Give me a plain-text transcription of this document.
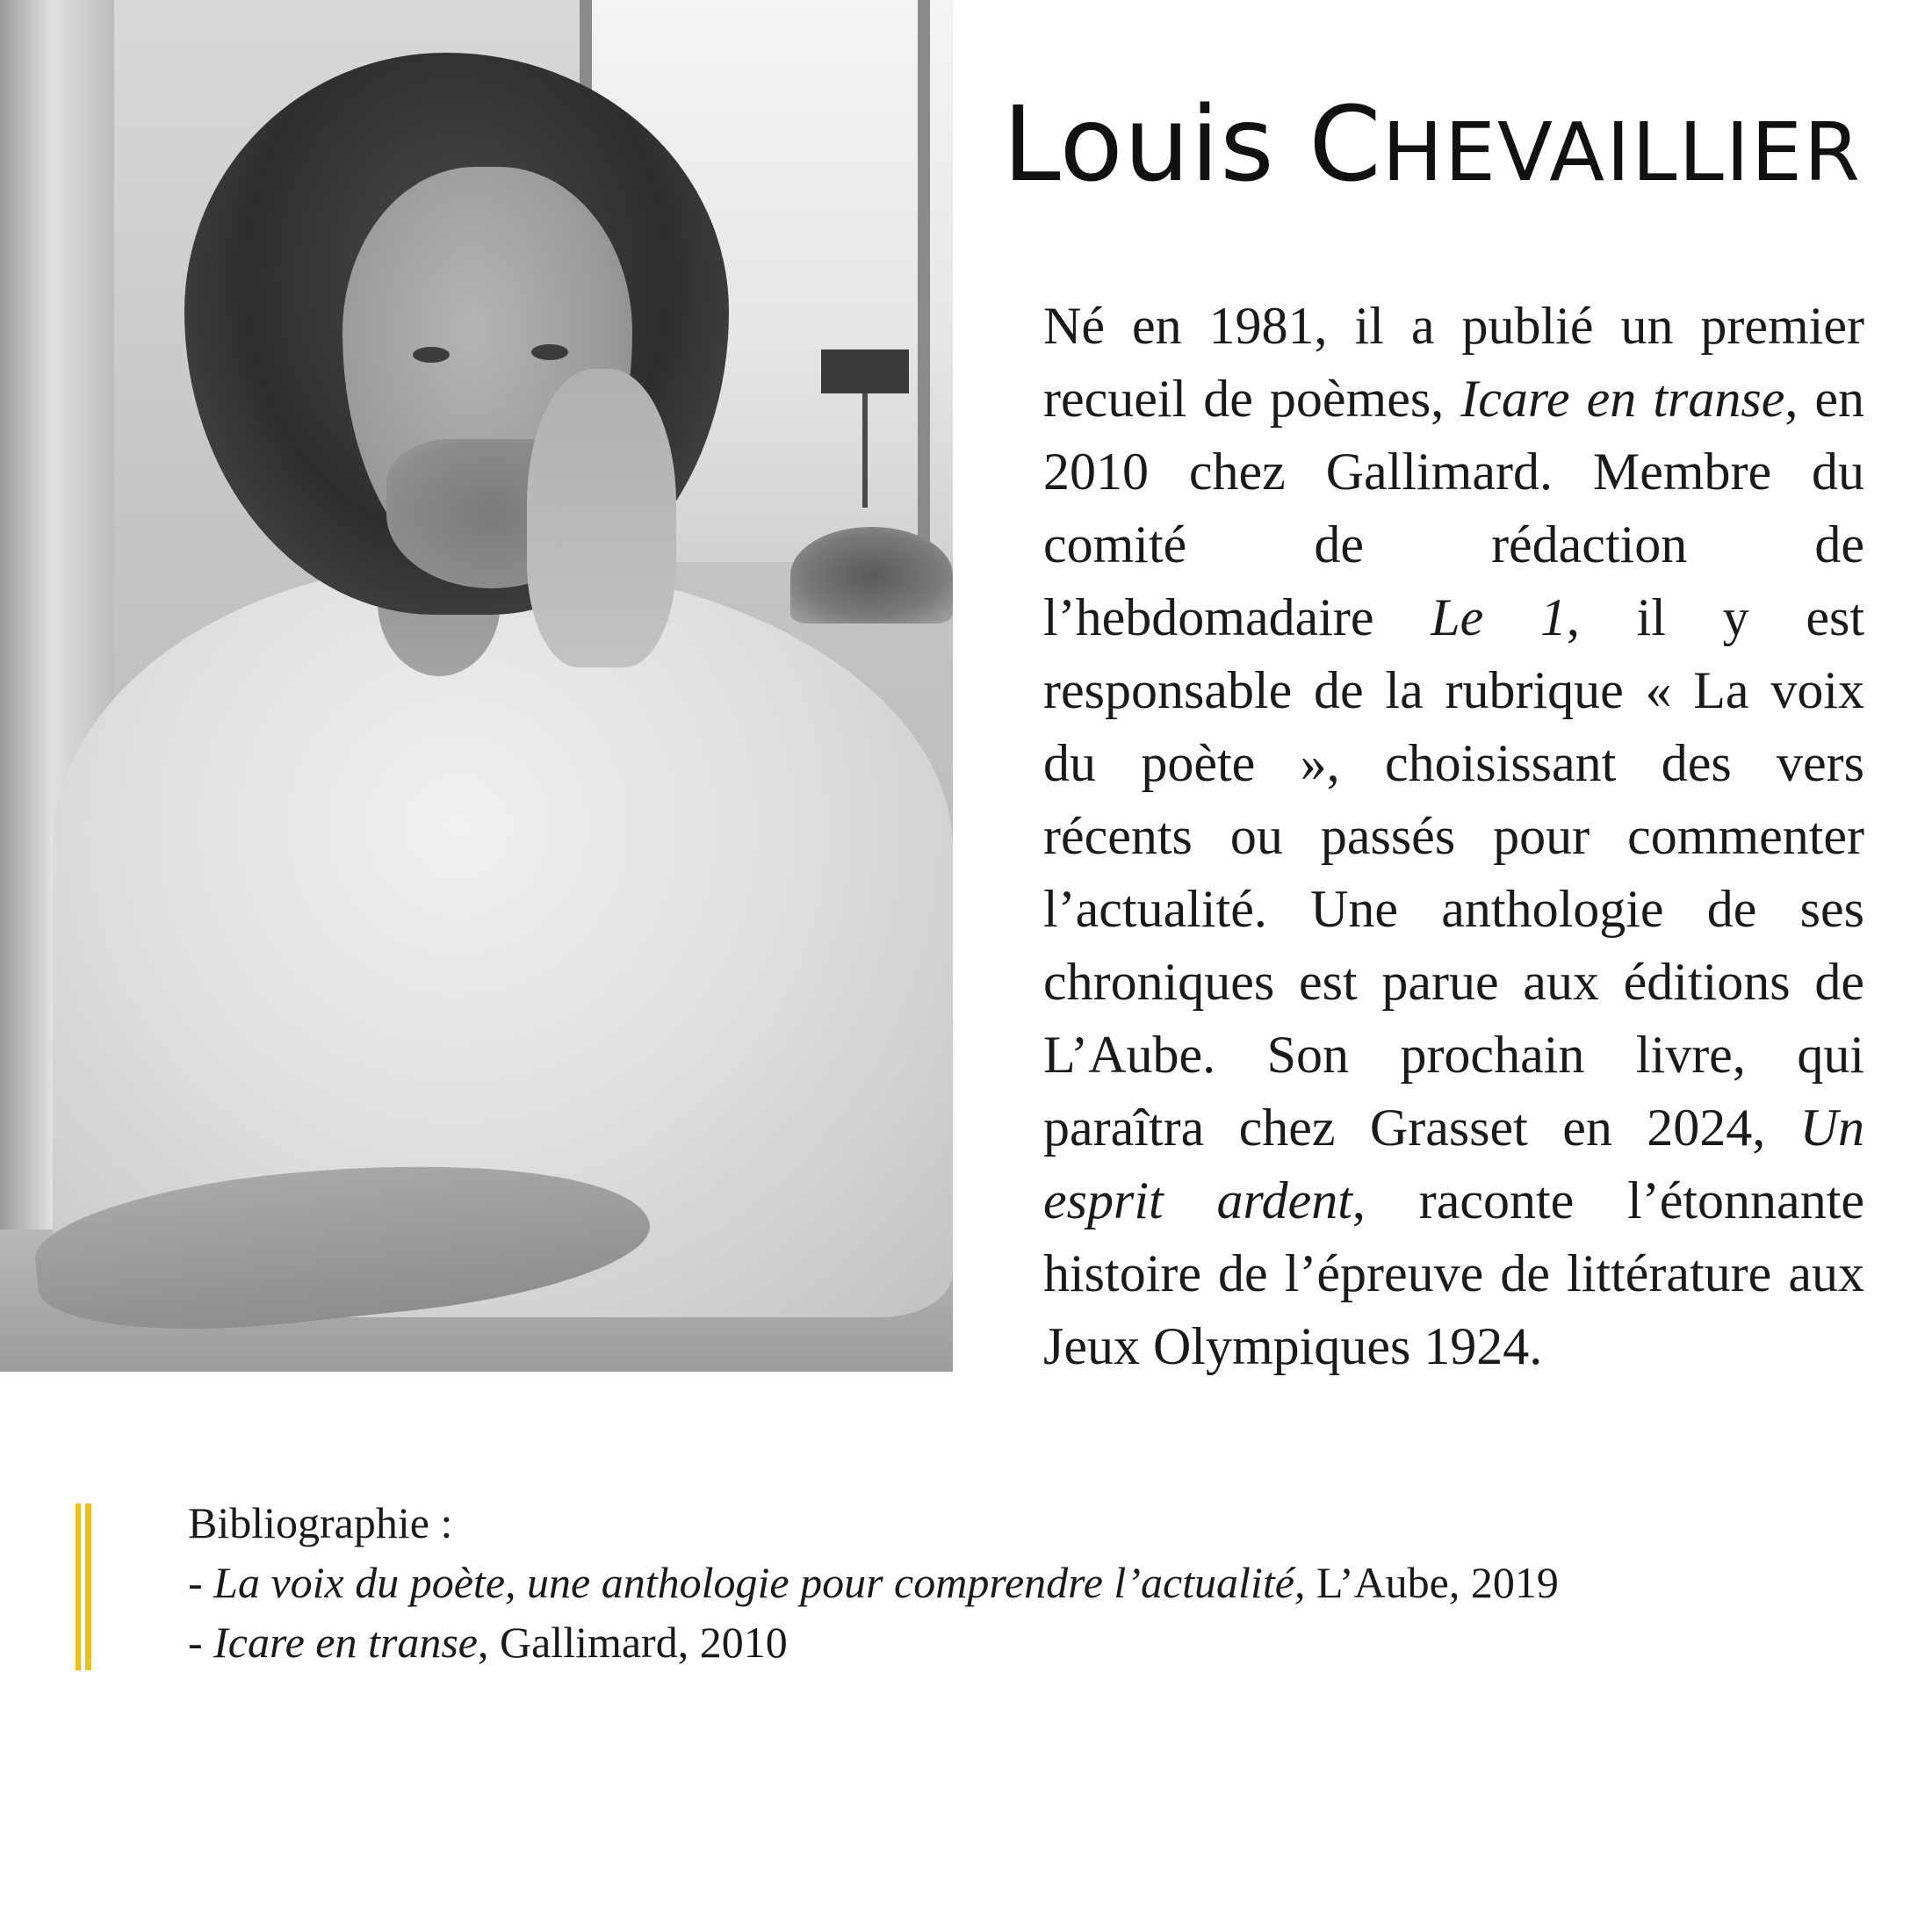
Louis CHEVAILLIER

Né en 1981, il a publié un premier recueil de poèmes, Icare en transe, en 2010 chez Gallimard. Membre du comité de rédaction de l’hebdomadaire Le 1, il y est responsable de la rubrique « La voix du poète », choisissant des vers récents ou passés pour commenter l’actualité. Une anthologie de ses chroniques est parue aux éditions de L’Aube. Son prochain livre, qui paraîtra chez Grasset en 2024, Un esprit ardent, raconte l’étonnante histoire de l’épreuve de littérature aux Jeux Olympiques 1924.

Bibliographie :
- La voix du poète, une anthologie pour comprendre l’actualité, L’Aube, 2019
- Icare en transe, Gallimard, 2010
